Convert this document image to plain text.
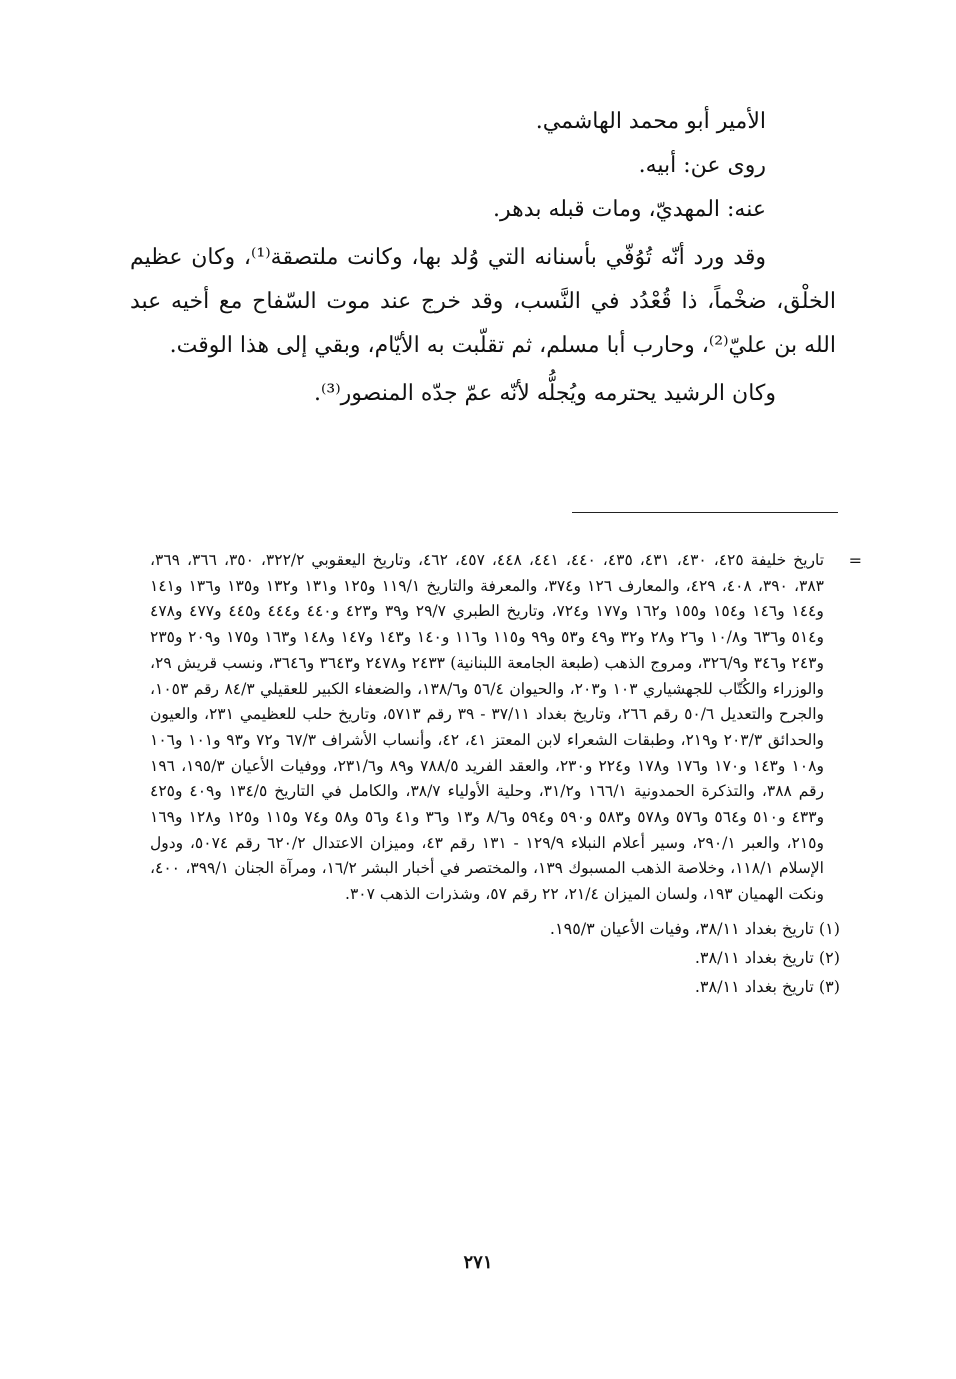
الأمير أبو محمد الهاشمي.

روى عن: أبيه.

عنه: المهديّ، ومات قبله بدهر.

وقد ورد أنّه تُوُفّي بأسنانه التي وُلد بها، وكانت ملتصقة⁽¹⁾، وكان عظيم الخلْق، ضخْماً، ذا قُعْدُد في النَّسب، وقد خرج عند موت السّفاح مع أخيه عبد الله بن عليّ⁽²⁾، وحارب أبا مسلم، ثم تقلّبت به الأيّام، وبقي إلى هذا الوقت.

وكان الرشيد يحترمه ويُجلُّه لأنّه عمّ جدّه المنصور⁽³⁾.

=
تاريخ خليفة ٤٢٥، ٤٣٠، ٤٣١، ٤٣٥، ٤٤٠، ٤٤١، ٤٤٨، ٤٥٧، ٤٦٢، وتاريخ اليعقوبي ٣٢٢/٢، ٣٥٠، ٣٦٦، ٣٦٩، ٣٨٣، ٣٩٠، ٤٠٨، ٤٢٩، والمعارف ١٢٦ و٣٧٤، والمعرفة والتاريخ ١١٩/١ و١٢٥ و١٣١ و١٣٢ و١٣٥ و١٣٦ و١٤١ و١٤٤ و١٤٦ و١٥٤ و١٥٥ و١٦٢ و١٧٧ و٧٢٤، وتاريخ الطبري ٢٩/٧ و٣٩ و٤٢٣ و٤٤٠ و٤٤٤ و٤٤٥ و٤٧٧ و٤٧٨ و٥١٤ و٦٣٦ و١٠/٨ و٢٦ و٢٨ و٣٢ و٤٩ و٥٣ و٩٩ و١١٥ و١١٦ و١٤٠ و١٤٣ و١٤٧ و١٤٨ و١٦٣ و١٧٥ و٢٠٩ و٢٣٥ و٢٤٣ و٣٤٦ و٣٢٦/٩، ومروج الذهب (طبعة الجامعة اللبنانية) ٢٤٣٣ و٢٤٧٨ و٣٦٤٣ و٣٦٤٦، ونسب قريش ٢٩، والوزراء والكُتّاب للجهشياري ١٠٣ و٢٠٣، والحيوان ٥٦/٤ و١٣٨/٦، والضعفاء الكبير للعقيلي ٨٤/٣ رقم ١٠٥٣، والجرح والتعديل ٥٠/٦ رقم ٢٦٦، وتاريخ بغداد ٣٧/١١ - ٣٩ رقم ٥٧١٣، وتاريخ حلب للعظيمي ٢٣١، والعيون والحدائق ٢٠٣/٣ و٢١٩، وطبقات الشعراء لابن المعتز ٤١، ٤٢، وأنساب الأشراف ٦٧/٣ و٧٢ و٩٣ و١٠١ و١٠٦ و١٠٨ و١٤٣ و١٧٠ و١٧٦ و١٧٨ و٢٢٤ و٢٣٠، والعقد الفريد ٧٨٨/٥ و٨٩ و٢٣١/٦، ووفيات الأعيان ١٩٥/٣، ١٩٦ رقم ٣٨٨، والتذكرة الحمدونية ١٦٦/١ و٣١/٢، وحلية الأولياء ٣٨/٧، والكامل في التاريخ ١٣٤/٥ و٤٠٩ و٤٢٥ و٤٣٣ و٥١٠ و٥٦٤ و٥٧٦ و٥٧٨ و٥٨٣ و٥٩٠ و٥٩٤ و٨/٦ و١٣ و٣٦ و٤١ و٥٦ و٥٨ و٧٤ و١١٥ و١٢٥ و١٢٨ و١٦٩ و٢١٥، والعبر ٢٩٠/١، وسير أعلام النبلاء ١٢٩/٩ - ١٣١ رقم ٤٣، وميزان الاعتدال ٦٢٠/٢ رقم ٥٠٧٤، ودول الإسلام ١١٨/١، وخلاصة الذهب المسبوك ١٣٩، والمختصر في أخبار البشر ١٦/٢، ومرآة الجنان ٣٩٩/١، ٤٠٠، ونكت الهميان ١٩٣، ولسان الميزان ٢١/٤، ٢٢ رقم ٥٧، وشذرات الذهب ٣٠٧.

(١) تاريخ بغداد ٣٨/١١، وفيات الأعيان ١٩٥/٣.
(٢) تاريخ بغداد ٣٨/١١.
(٣) تاريخ بغداد ٣٨/١١.
٢٧١
